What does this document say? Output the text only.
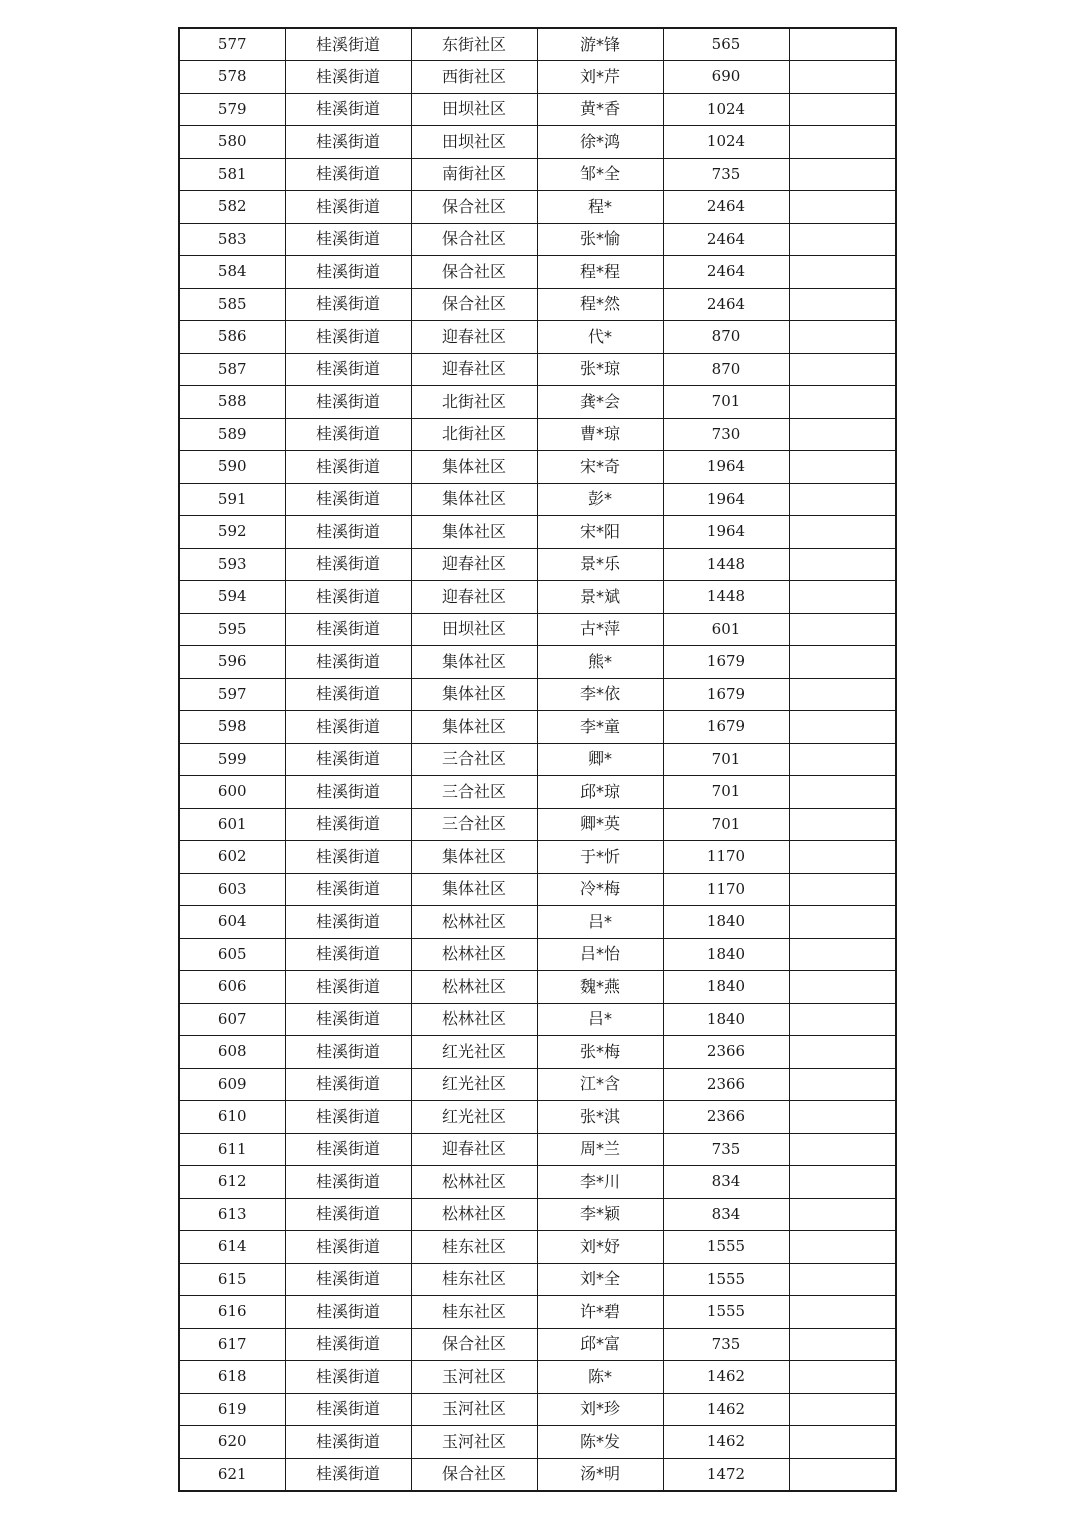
577	桂溪街道	东街社区	游*锋	565	
578	桂溪街道	西街社区	刘*芹	690	
579	桂溪街道	田坝社区	黄*香	1024	
580	桂溪街道	田坝社区	徐*鸿	1024	
581	桂溪街道	南街社区	邹*全	735	
582	桂溪街道	保合社区	程*	2464	
583	桂溪街道	保合社区	张*愉	2464	
584	桂溪街道	保合社区	程*程	2464	
585	桂溪街道	保合社区	程*然	2464	
586	桂溪街道	迎春社区	代*	870	
587	桂溪街道	迎春社区	张*琼	870	
588	桂溪街道	北街社区	龚*会	701	
589	桂溪街道	北街社区	曹*琼	730	
590	桂溪街道	集体社区	宋*奇	1964	
591	桂溪街道	集体社区	彭*	1964	
592	桂溪街道	集体社区	宋*阳	1964	
593	桂溪街道	迎春社区	景*乐	1448	
594	桂溪街道	迎春社区	景*斌	1448	
595	桂溪街道	田坝社区	古*萍	601	
596	桂溪街道	集体社区	熊*	1679	
597	桂溪街道	集体社区	李*依	1679	
598	桂溪街道	集体社区	李*童	1679	
599	桂溪街道	三合社区	卿*	701	
600	桂溪街道	三合社区	邱*琼	701	
601	桂溪街道	三合社区	卿*英	701	
602	桂溪街道	集体社区	于*忻	1170	
603	桂溪街道	集体社区	冷*梅	1170	
604	桂溪街道	松林社区	吕*	1840	
605	桂溪街道	松林社区	吕*怡	1840	
606	桂溪街道	松林社区	魏*燕	1840	
607	桂溪街道	松林社区	吕*	1840	
608	桂溪街道	红光社区	张*梅	2366	
609	桂溪街道	红光社区	江*含	2366	
610	桂溪街道	红光社区	张*淇	2366	
611	桂溪街道	迎春社区	周*兰	735	
612	桂溪街道	松林社区	李*川	834	
613	桂溪街道	松林社区	李*颖	834	
614	桂溪街道	桂东社区	刘*妤	1555	
615	桂溪街道	桂东社区	刘*全	1555	
616	桂溪街道	桂东社区	许*碧	1555	
617	桂溪街道	保合社区	邱*富	735	
618	桂溪街道	玉河社区	陈*	1462	
619	桂溪街道	玉河社区	刘*珍	1462	
620	桂溪街道	玉河社区	陈*发	1462	
621	桂溪街道	保合社区	汤*明	1472	
